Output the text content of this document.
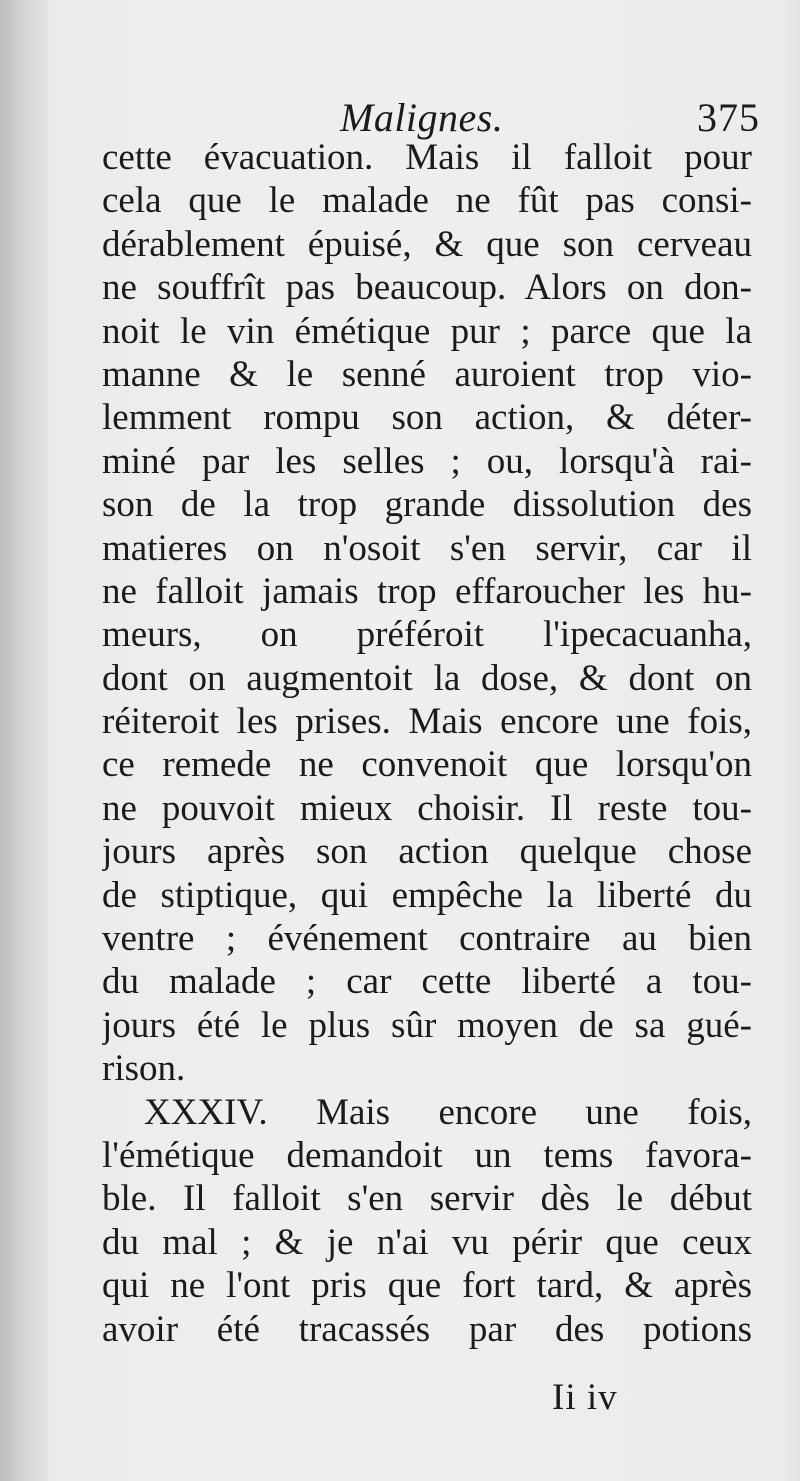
Malignes.	375
cette évacuation. Mais il falloit pour
cela que le malade ne fût pas consi-
dérablement épuisé, & que son cerveau
ne souffrît pas beaucoup. Alors on don-
noit le vin émétique pur ; parce que la
manne & le senné auroient trop vio-
lemment rompu son action, & déter-
miné par les selles ; ou, lorsqu'à rai-
son de la trop grande dissolution des
matieres on n'osoit s'en servir, car il
ne falloit jamais trop effaroucher les hu-
meurs, on préféroit l'ipecacuanha,
dont on augmentoit la dose, & dont on
réiteroit les prises. Mais encore une fois,
ce remede ne convenoit que lorsqu'on
ne pouvoit mieux choisir. Il reste tou-
jours après son action quelque chose
de stiptique, qui empêche la liberté du
ventre ; événement contraire au bien
du malade ; car cette liberté a tou-
jours été le plus sûr moyen de sa gué-
rison.
XXXIV. Mais encore une fois,
l'émétique demandoit un tems favora-
ble. Il falloit s'en servir dès le début
du mal ; & je n'ai vu périr que ceux
qui ne l'ont pris que fort tard, & après
avoir été tracassés par des potions
Ii iv
